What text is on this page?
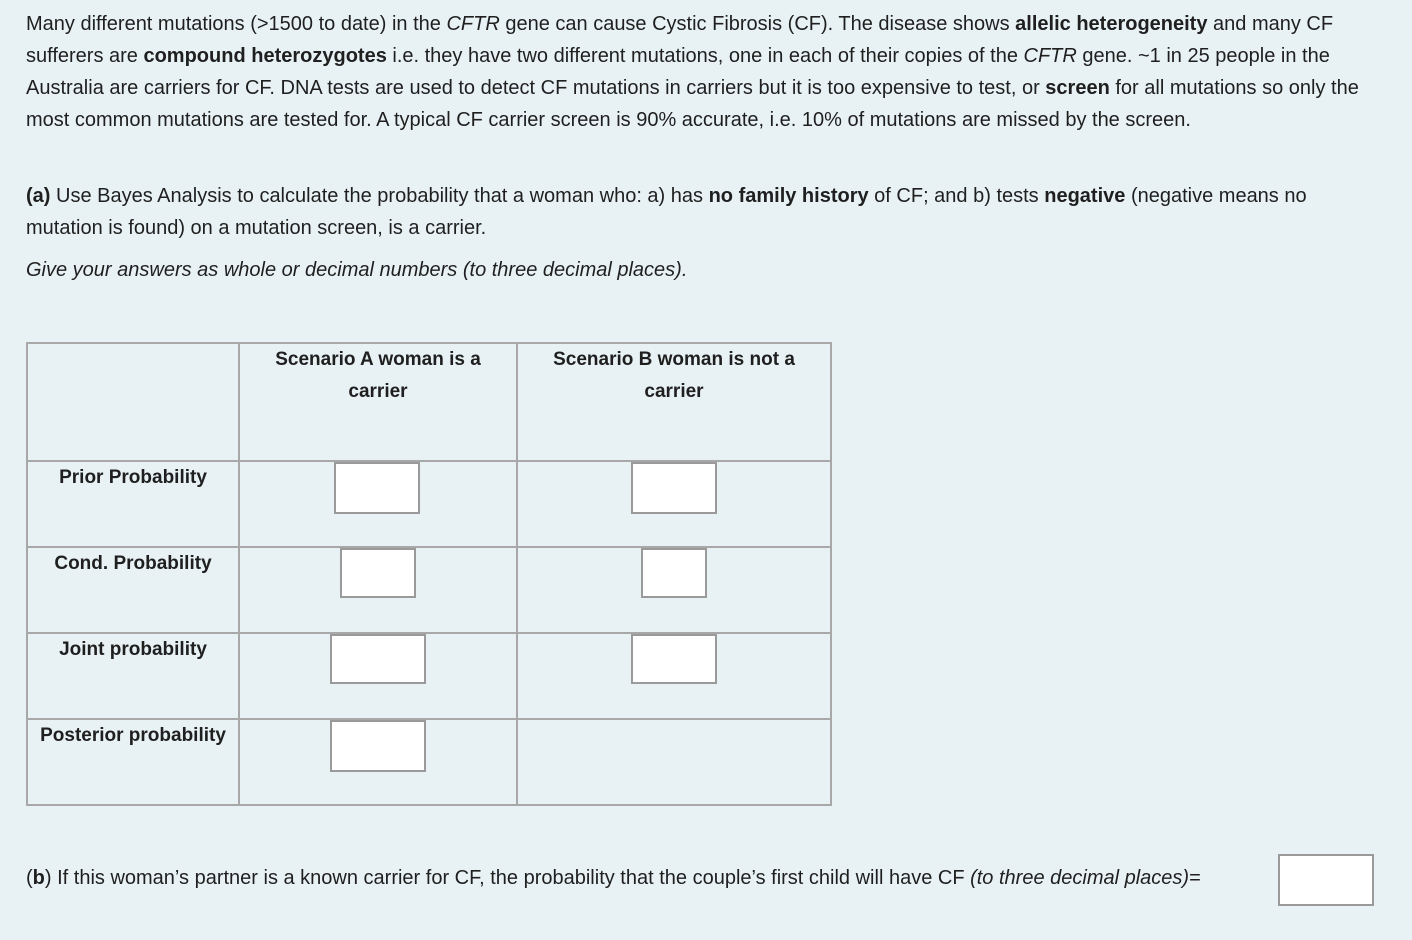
Many different mutations (>1500 to date) in the CFTR gene can cause Cystic Fibrosis (CF). The disease shows allelic heterogeneity and many CF sufferers are compound heterozygotes i.e. they have two different mutations, one in each of their copies of the CFTR gene. ~1 in 25 people in the Australia are carriers for CF. DNA tests are used to detect CF mutations in carriers but it is too expensive to test, or screen for all mutations so only the most common mutations are tested for. A typical CF carrier screen is 90% accurate, i.e. 10% of mutations are missed by the screen.

(a) Use Bayes Analysis to calculate the probability that a woman who: a) has no family history of CF; and b) tests negative (negative means no mutation is found) on a mutation screen, is a carrier.

Give your answers as whole or decimal numbers (to three decimal places).

	Scenario A woman is a carrier	Scenario B woman is not a carrier

Prior Probability		
Cond. Probability		
Joint probability		
Posterior probability		

(b) If this woman’s partner is a known carrier for CF, the probability that the couple’s first child will have CF (to three decimal places)=
